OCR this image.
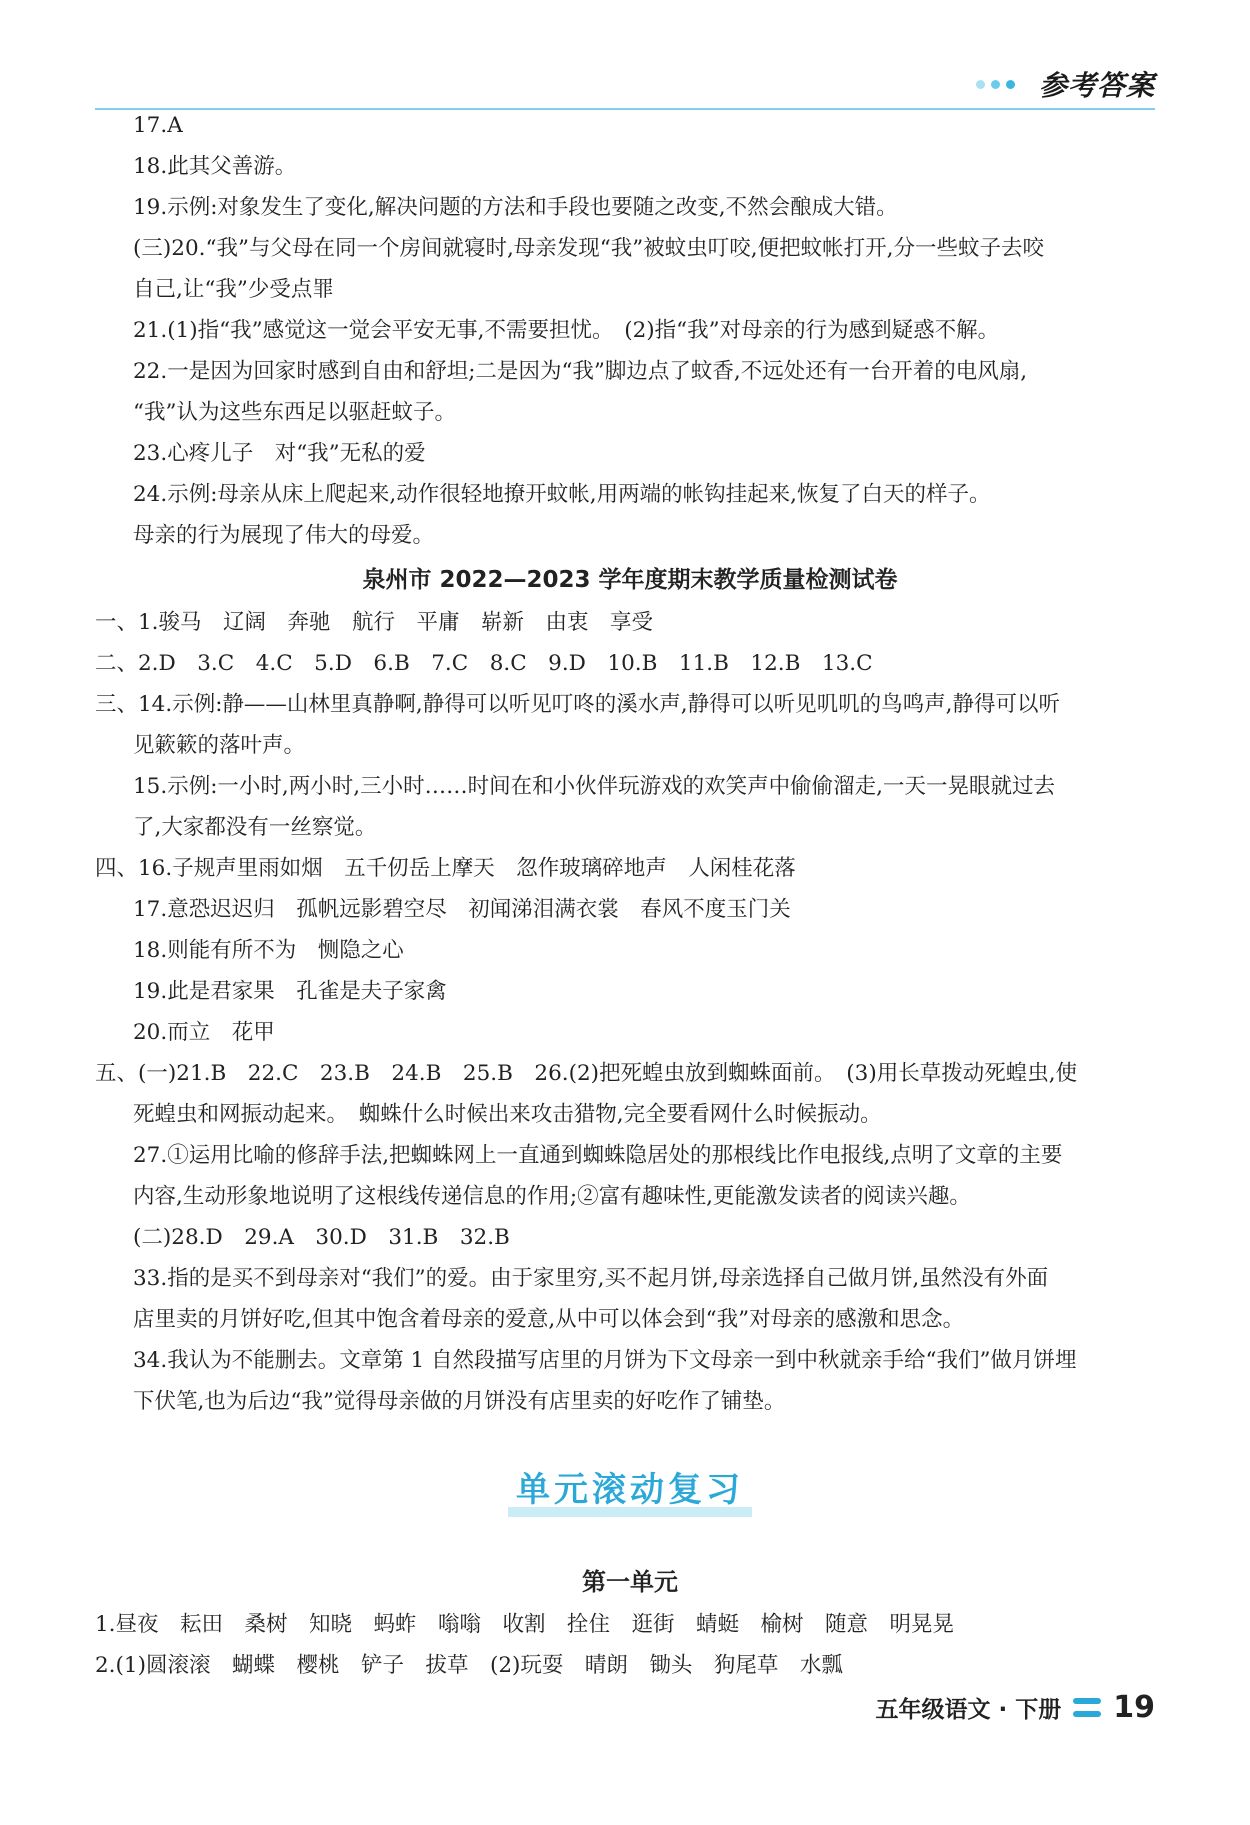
参考答案
17.A
18.此其父善游。
19.示例:对象发生了变化,解决问题的方法和手段也要随之改变,不然会酿成大错。
(三)20.“我”与父母在同一个房间就寝时,母亲发现“我”被蚊虫叮咬,便把蚊帐打开,分一些蚊子去咬
自己,让“我”少受点罪
21.(1)指“我”感觉这一觉会平安无事,不需要担忧。　(2)指“我”对母亲的行为感到疑惑不解。
22.一是因为回家时感到自由和舒坦;二是因为“我”脚边点了蚊香,不远处还有一台开着的电风扇,
“我”认为这些东西足以驱赶蚊子。
23.心疼儿子　对“我”无私的爱
24.示例:母亲从床上爬起来,动作很轻地撩开蚊帐,用两端的帐钩挂起来,恢复了白天的样子。
母亲的行为展现了伟大的母爱。
泉州市 2022—2023 学年度期末教学质量检测试卷
一、1.骏马　辽阔　奔驰　航行　平庸　崭新　由衷　享受
二、2.D　3.C　4.C　5.D　6.B　7.C　8.C　9.D　10.B　11.B　12.B　13.C
三、14.示例:静——山林里真静啊,静得可以听见叮咚的溪水声,静得可以听见叽叽的鸟鸣声,静得可以听
见簌簌的落叶声。
15.示例:一小时,两小时,三小时……时间在和小伙伴玩游戏的欢笑声中偷偷溜走,一天一晃眼就过去
了,大家都没有一丝察觉。
四、16.子规声里雨如烟　五千仞岳上摩天　忽作玻璃碎地声　人闲桂花落
17.意恐迟迟归　孤帆远影碧空尽　初闻涕泪满衣裳　春风不度玉门关
18.则能有所不为　恻隐之心
19.此是君家果　孔雀是夫子家禽
20.而立　花甲
五、(一)21.B　22.C　23.B　24.B　25.B　26.(2)把死蝗虫放到蜘蛛面前。　(3)用长草拨动死蝗虫,使
死蝗虫和网振动起来。　蜘蛛什么时候出来攻击猎物,完全要看网什么时候振动。
27.①运用比喻的修辞手法,把蜘蛛网上一直通到蜘蛛隐居处的那根线比作电报线,点明了文章的主要
内容,生动形象地说明了这根线传递信息的作用;②富有趣味性,更能激发读者的阅读兴趣。
(二)28.D　29.A　30.D　31.B　32.B
33.指的是买不到母亲对“我们”的爱。由于家里穷,买不起月饼,母亲选择自己做月饼,虽然没有外面
店里卖的月饼好吃,但其中饱含着母亲的爱意,从中可以体会到“我”对母亲的感激和思念。
34.我认为不能删去。文章第 1 自然段描写店里的月饼为下文母亲一到中秋就亲手给“我们”做月饼埋
下伏笔,也为后边“我”觉得母亲做的月饼没有店里卖的好吃作了铺垫。
单元滚动复习
第一单元
1.昼夜　耘田　桑树　知晓　蚂蚱　嗡嗡　收割　拴住　逛街　蜻蜓　榆树　随意　明晃晃
2.(1)圆滚滚　蝴蝶　樱桃　铲子　拔草　(2)玩耍　晴朗　锄头　狗尾草　水瓢
五年级语文 · 下册 19
